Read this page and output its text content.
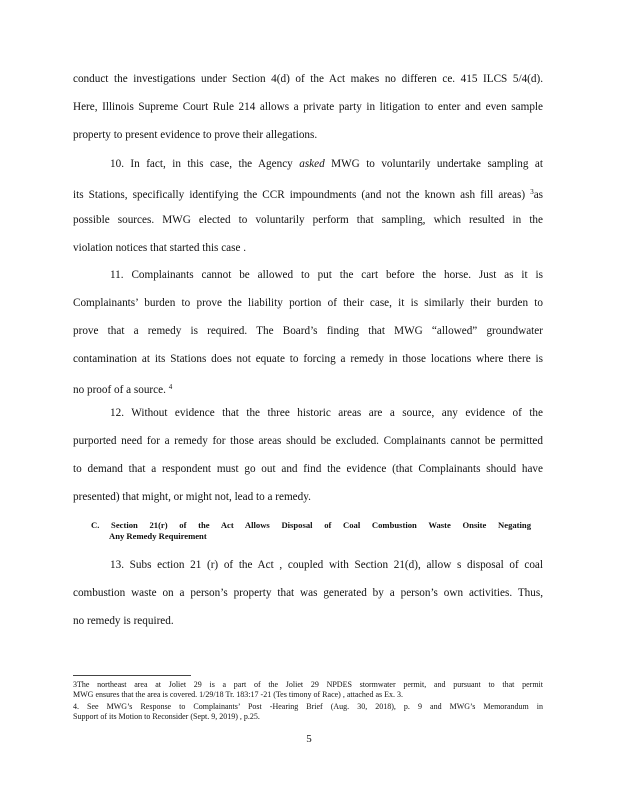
conduct the investigations under Section 4(d) of the Act makes no differen ce. 415 ILCS 5/4(d).
Here, Illinois Supreme Court Rule 214 allows a private party in litigation to enter and even sample
property to present evidence to prove their allegations.
10. In fact, in this case, the Agency asked MWG to voluntarily undertake sampling at
its Stations, specifically identifying the CCR impoundments (and not the known ash fill areas) $^3$as
possible sources. MWG elected to voluntarily perform that sampling, which resulted in the
violation notices that started this case .
11. Complainants cannot be allowed to put the cart before the horse. Just as it is
Complainants’ burden to prove the liability portion of their case, it is similarly their burden to
prove that a remedy is required. The Board’s finding that MWG “allowed” groundwater
contamination at its Stations does not equate to forcing a remedy in those locations where there is
no proof of a source. $^4$
12. Without evidence that the three historic areas are a source, any evidence of the
purported need for a remedy for those areas should be excluded. Complainants cannot be permitted
to demand that a respondent must go out and find the evidence (that Complainants should have
presented) that might, or might not, lead to a remedy.
C. Section 21(r) of the Act Allows Disposal of Coal Combustion Waste Onsite Negating
Any Remedy Requirement
13. Subs ection 21 (r) of the Act , coupled with Section 21(d), allow s disposal of coal
combustion waste on a person’s property that was generated by a person’s own activities. Thus,
no remedy is required.
3The northeast area at Joliet 29 is a part of the Joliet 29 NPDES stormwater permit, and pursuant to that permit
MWG ensures that the area is covered. 1/29/18 Tr. 183:17 -21 (Tes timony of Race) , attached as Ex. 3.
4. See MWG’s Response to Complainants’ Post -Hearing Brief (Aug. 30, 2018), p. 9 and MWG’s Memorandum in
Support of its Motion to Reconsider (Sept. 9, 2019) , p.25.
5
